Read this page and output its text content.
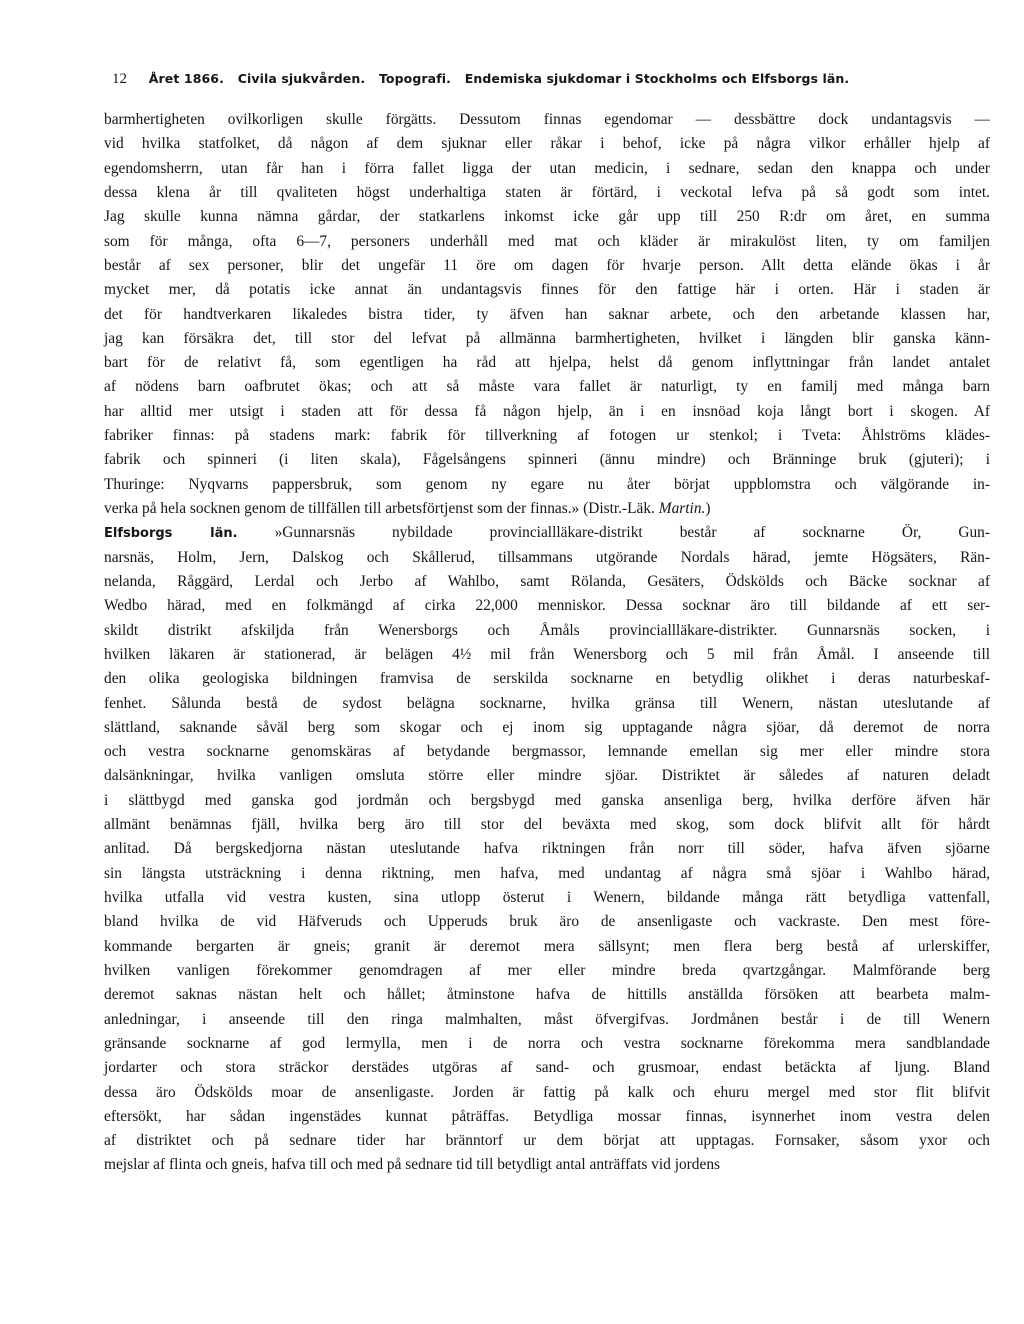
12 Året 1866. Civila sjukvården. Topografi. Endemiska sjukdomar i Stockholms och Elfsborgs län.
barmhertigheten ovilkorligen skulle förgätts. Dessutom finnas egendomar — dessbättre dock undantagsvis —
vid hvilka statfolket, då någon af dem sjuknar eller råkar i behof, icke på några vilkor erhåller hjelp af
egendomsherrn, utan får han i förra fallet ligga der utan medicin, i sednare, sedan den knappa och under
dessa klena år till qvaliteten högst underhaltiga staten är förtärd, i veckotal lefva på så godt som intet.
Jag skulle kunna nämna gårdar, der statkarlens inkomst icke går upp till 250 R:dr om året, en summa
som för många, ofta 6—7, personers underhåll med mat och kläder är mirakulöst liten, ty om familjen
består af sex personer, blir det ungefär 11 öre om dagen för hvarje person. Allt detta elände ökas i år
mycket mer, då potatis icke annat än undantagsvis finnes för den fattige här i orten. Här i staden är
det för handtverkaren likaledes bistra tider, ty äfven han saknar arbete, och den arbetande klassen har,
jag kan försäkra det, till stor del lefvat på allmänna barmhertigheten, hvilket i längden blir ganska känn-
bart för de relativt få, som egentligen ha råd att hjelpa, helst då genom inflyttningar från landet antalet
af nödens barn oafbrutet ökas; och att så måste vara fallet är naturligt, ty en familj med många barn
har alltid mer utsigt i staden att för dessa få någon hjelp, än i en insnöad koja långt bort i skogen. Af
fabriker finnas: på stadens mark: fabrik för tillverkning af fotogen ur stenkol; i Tveta: Åhlströms klädes-
fabrik och spinneri (i liten skala), Fågelsångens spinneri (ännu mindre) och Bränninge bruk (gjuteri); i
Thuringe: Nyqvarns pappersbruk, som genom ny egare nu åter börjat uppblomstra och välgörande in-
verka på hela socknen genom de tillfällen till arbetsförtjenst som der finnas.» (Distr.-Läk. Martin.)
Elfsborgs län. »Gunnarsnäs nybildade provinciallläkare-distrikt består af socknarne Ör, Gun-
narsnäs, Holm, Jern, Dalskog och Skållerud, tillsammans utgörande Nordals härad, jemte Högsäters, Rän-
nelanda, Råggärd, Lerdal och Jerbo af Wahlbo, samt Rölanda, Gesäters, Ödskölds och Bäcke socknar af
Wedbo härad, med en folkmängd af cirka 22,000 menniskor. Dessa socknar äro till bildande af ett ser-
skildt distrikt afskiljda från Wenersborgs och Åmåls provinciallläkare-distrikter. Gunnarsnäs socken, i
hvilken läkaren är stationerad, är belägen 4½ mil från Wenersborg och 5 mil från Åmål. I anseende till
den olika geologiska bildningen framvisa de serskilda socknarne en betydlig olikhet i deras naturbeskaf-
fenhet. Sålunda bestå de sydost belägna socknarne, hvilka gränsa till Wenern, nästan uteslutande af
slättland, saknande såväl berg som skogar och ej inom sig upptagande några sjöar, då deremot de norra
och vestra socknarne genomskäras af betydande bergmassor, lemnande emellan sig mer eller mindre stora
dalsänkningar, hvilka vanligen omsluta större eller mindre sjöar. Distriktet är således af naturen deladt
i slättbygd med ganska god jordmån och bergsbygd med ganska ansenliga berg, hvilka derföre äfven här
allmänt benämnas fjäll, hvilka berg äro till stor del beväxta med skog, som dock blifvit allt för hårdt
anlitad. Då bergskedjorna nästan uteslutande hafva riktningen från norr till söder, hafva äfven sjöarne
sin längsta utsträckning i denna riktning, men hafva, med undantag af några små sjöar i Wahlbo härad,
hvilka utfalla vid vestra kusten, sina utlopp österut i Wenern, bildande många rätt betydliga vattenfall,
bland hvilka de vid Häfveruds och Upperuds bruk äro de ansenligaste och vackraste. Den mest före-
kommande bergarten är gneis; granit är deremot mera sällsynt; men flera berg bestå af urlerskiffer,
hvilken vanligen förekommer genomdragen af mer eller mindre breda qvartzgångar. Malmförande berg
deremot saknas nästan helt och hållet; åtminstone hafva de hittills anställda försöken att bearbeta malm-
anledningar, i anseende till den ringa malmhalten, måst öfvergifvas. Jordmånen består i de till Wenern
gränsande socknarne af god lermylla, men i de norra och vestra socknarne förekomma mera sandblandade
jordarter och stora sträckor derstädes utgöras af sand- och grusmoar, endast betäckta af ljung. Bland
dessa äro Ödskölds moar de ansenligaste. Jorden är fattig på kalk och ehuru mergel med stor flit blifvit
eftersökt, har sådan ingenstädes kunnat påträffas. Betydliga mossar finnas, isynnerhet inom vestra delen
af distriktet och på sednare tider har bränntorf ur dem börjat att upptagas. Fornsaker, såsom yxor och
mejslar af flinta och gneis, hafva till och med på sednare tid till betydligt antal anträffats vid jordens
